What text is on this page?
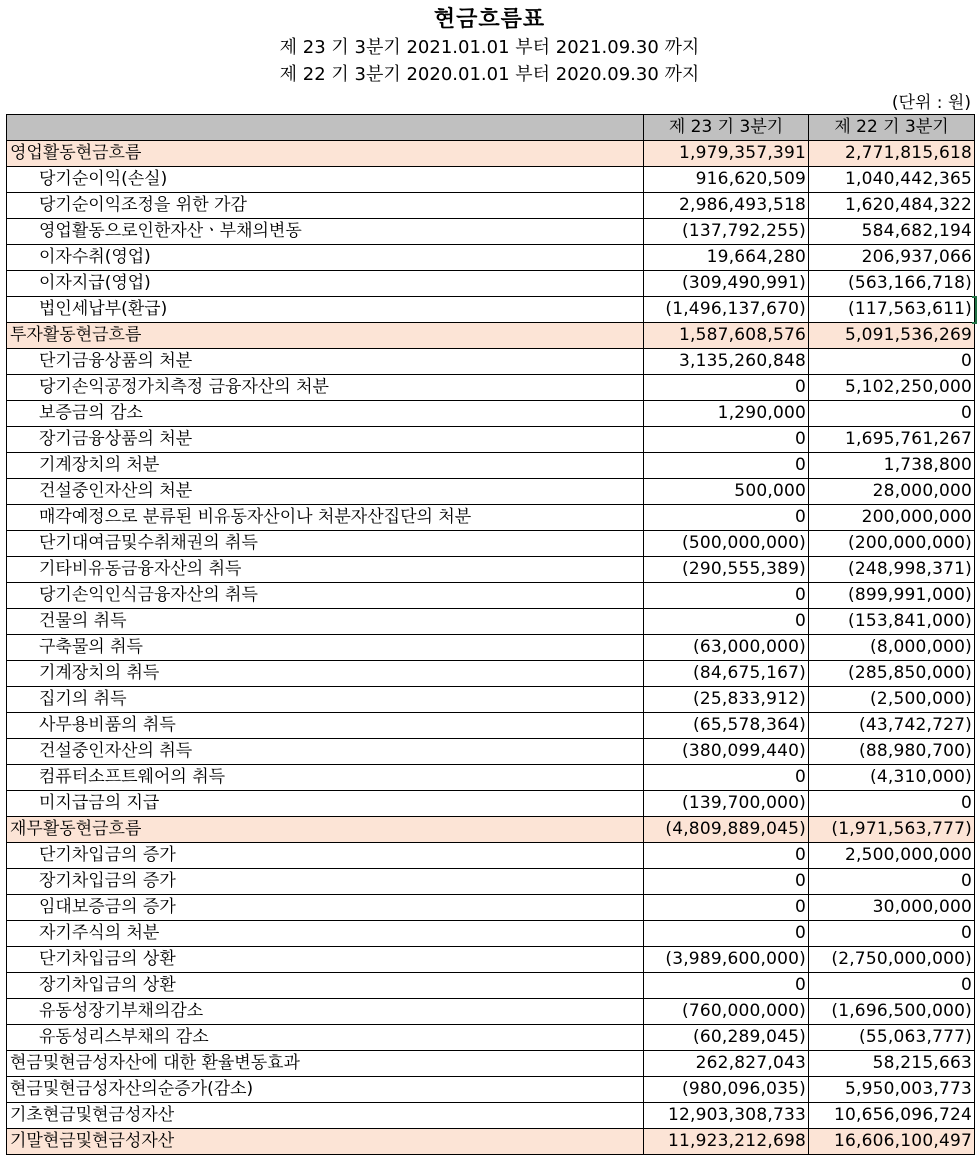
현금흐름표
제 23 기 3분기 2021.01.01 부터 2021.09.30 까지
제 22 기 3분기 2020.01.01 부터 2020.09.30 까지
(단위 : 원)
	제 23 기 3분기	제 22 기 3분기
영업활동현금흐름	1,979,357,391	2,771,815,618
당기순이익(손실)	916,620,509	1,040,442,365
당기순이익조정을 위한 가감	2,986,493,518	1,620,484,322
영업활동으로인한자산ㆍ부채의변동	(137,792,255)	584,682,194
이자수취(영업)	19,664,280	206,937,066
이자지급(영업)	(309,490,991)	(563,166,718)
법인세납부(환급)	(1,496,137,670)	(117,563,611)
투자활동현금흐름	1,587,608,576	5,091,536,269
단기금융상품의 처분	3,135,260,848	0
당기손익공정가치측정 금융자산의 처분	0	5,102,250,000
보증금의 감소	1,290,000	0
장기금융상품의 처분	0	1,695,761,267
기계장치의 처분	0	1,738,800
건설중인자산의 처분	500,000	28,000,000
매각예정으로 분류된 비유동자산이나 처분자산집단의 처분	0	200,000,000
단기대여금및수취채권의 취득	(500,000,000)	(200,000,000)
기타비유동금융자산의 취득	(290,555,389)	(248,998,371)
당기손익인식금융자산의 취득	0	(899,991,000)
건물의 취득	0	(153,841,000)
구축물의 취득	(63,000,000)	(8,000,000)
기계장치의 취득	(84,675,167)	(285,850,000)
집기의 취득	(25,833,912)	(2,500,000)
사무용비품의 취득	(65,578,364)	(43,742,727)
건설중인자산의 취득	(380,099,440)	(88,980,700)
컴퓨터소프트웨어의 취득	0	(4,310,000)
미지급금의 지급	(139,700,000)	0
재무활동현금흐름	(4,809,889,045)	(1,971,563,777)
단기차입금의 증가	0	2,500,000,000
장기차입금의 증가	0	0
임대보증금의 증가	0	30,000,000
자기주식의 처분	0	0
단기차입금의 상환	(3,989,600,000)	(2,750,000,000)
장기차입금의 상환	0	0
유동성장기부채의감소	(760,000,000)	(1,696,500,000)
유동성리스부채의 감소	(60,289,045)	(55,063,777)
현금및현금성자산에 대한 환율변동효과	262,827,043	58,215,663
현금및현금성자산의순증가(감소)	(980,096,035)	5,950,003,773
기초현금및현금성자산	12,903,308,733	10,656,096,724
기말현금및현금성자산	11,923,212,698	16,606,100,497
